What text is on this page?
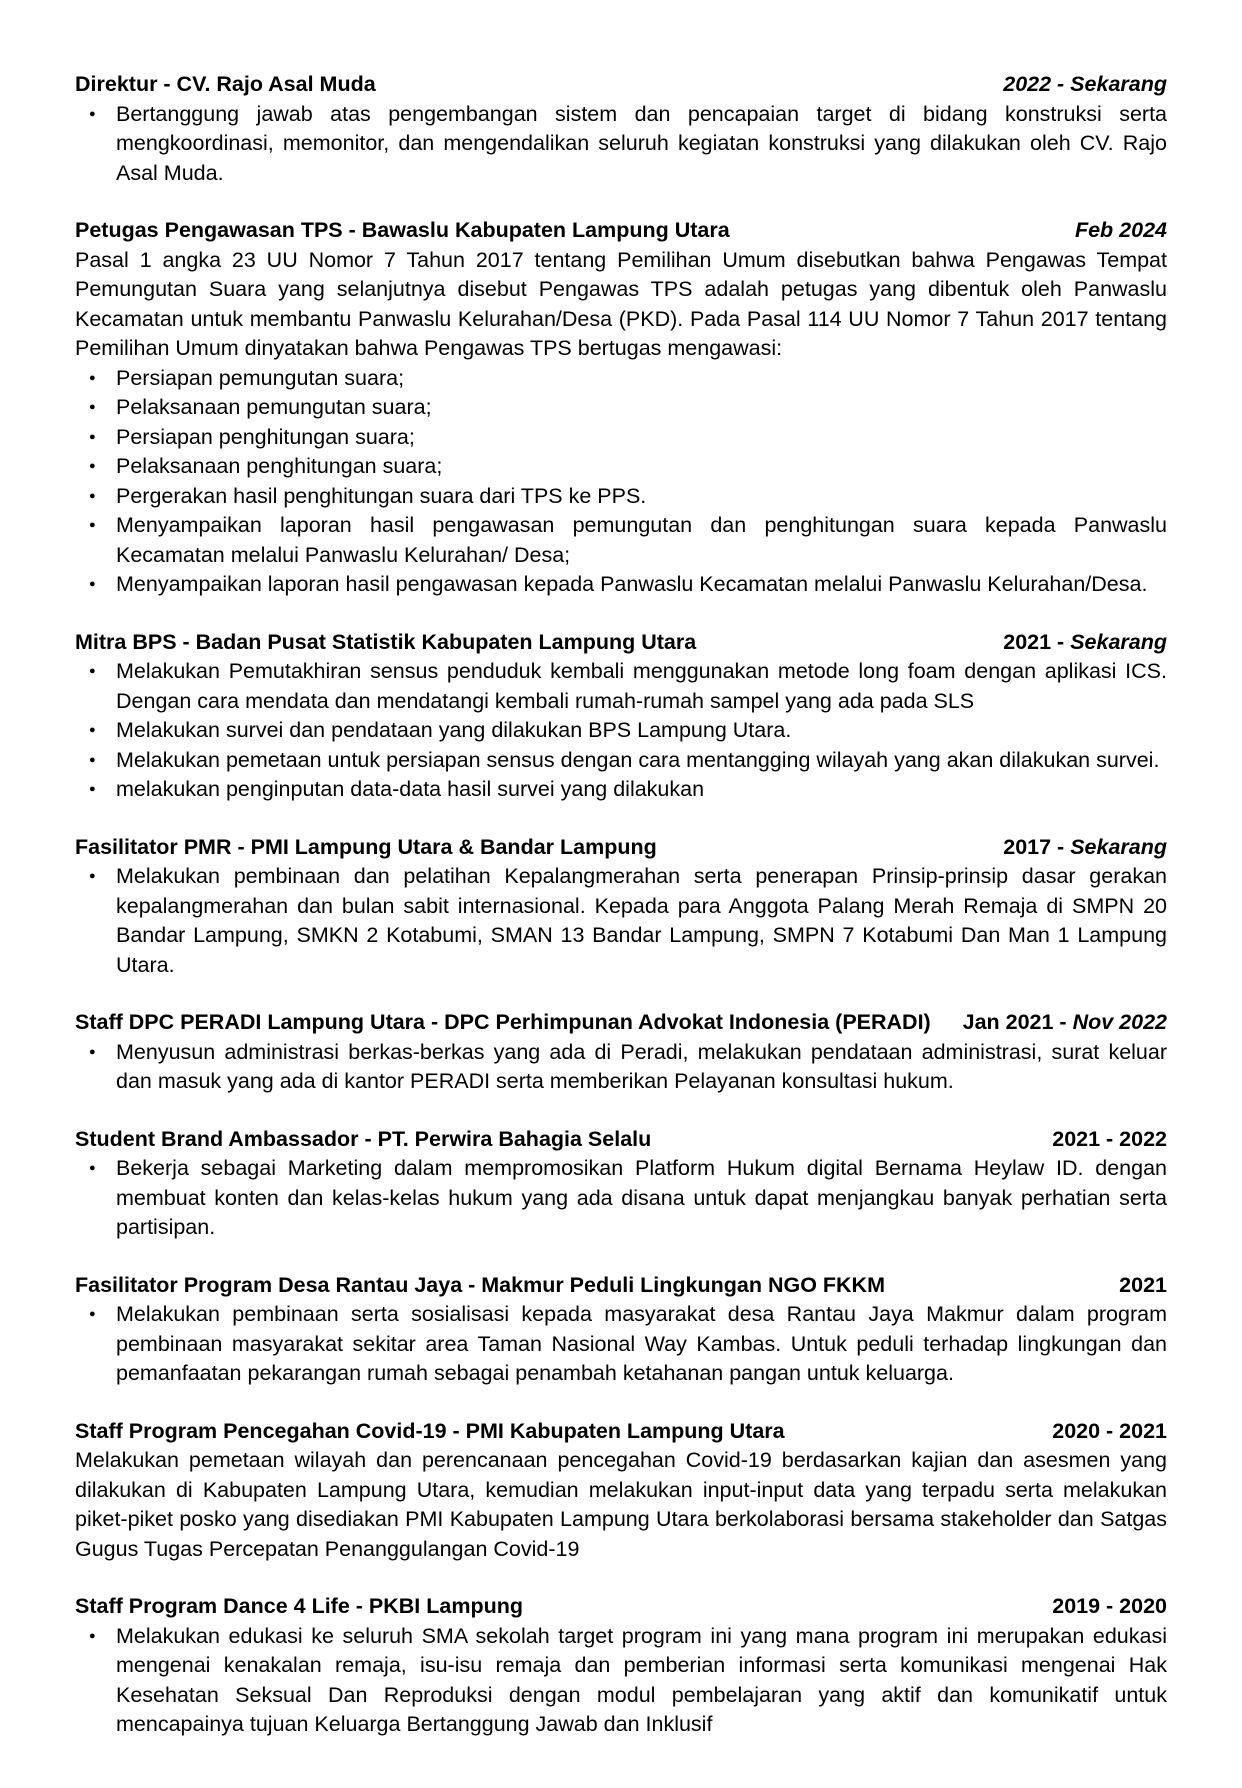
Direktur - CV. Rajo Asal Muda	2022 - Sekarang
● Bertanggung jawab atas pengembangan sistem dan pencapaian target di bidang konstruksi serta mengkoordinasi, memonitor, dan mengendalikan seluruh kegiatan konstruksi yang dilakukan oleh CV. Rajo Asal Muda.
Petugas Pengawasan TPS - Bawaslu Kabupaten Lampung Utara	Feb 2024

Pasal 1 angka 23 UU Nomor 7 Tahun 2017 tentang Pemilihan Umum disebutkan bahwa Pengawas Tempat Pemungutan Suara yang selanjutnya disebut Pengawas TPS adalah petugas yang dibentuk oleh Panwaslu Kecamatan untuk membantu Panwaslu Kelurahan/Desa (PKD). Pada Pasal 114 UU Nomor 7 Tahun 2017 tentang Pemilihan Umum dinyatakan bahwa Pengawas TPS bertugas mengawasi:

● Persiapan pemungutan suara;
● Pelaksanaan pemungutan suara;
● Persiapan penghitungan suara;
● Pelaksanaan penghitungan suara;
● Pergerakan hasil penghitungan suara dari TPS ke PPS.
● Menyampaikan laporan hasil pengawasan pemungutan dan penghitungan suara kepada Panwaslu Kecamatan melalui Panwaslu Kelurahan/ Desa;
● Menyampaikan laporan hasil pengawasan kepada Panwaslu Kecamatan melalui Panwaslu Kelurahan/Desa.
Mitra BPS - Badan Pusat Statistik Kabupaten Lampung Utara	2021 - Sekarang
● Melakukan Pemutakhiran sensus penduduk kembali menggunakan metode long foam dengan aplikasi ICS. Dengan cara mendata dan mendatangi kembali rumah-rumah sampel yang ada pada SLS
● Melakukan survei dan pendataan yang dilakukan BPS Lampung Utara.
● Melakukan pemetaan untuk persiapan sensus dengan cara mentangging wilayah yang akan dilakukan survei.
● melakukan penginputan data-data hasil survei yang dilakukan
Fasilitator PMR - PMI Lampung Utara & Bandar Lampung	2017 - Sekarang
● Melakukan pembinaan dan pelatihan Kepalangmerahan serta penerapan Prinsip-prinsip dasar gerakan kepalangmerahan dan bulan sabit internasional. Kepada para Anggota Palang Merah Remaja di SMPN 20 Bandar Lampung, SMKN 2 Kotabumi, SMAN 13 Bandar Lampung, SMPN 7 Kotabumi Dan Man 1 Lampung Utara.
Staff DPC PERADI Lampung Utara - DPC Perhimpunan Advokat Indonesia (PERADI)	Jan 2021 - Nov 2022
● Menyusun administrasi berkas-berkas yang ada di Peradi, melakukan pendataan administrasi, surat keluar dan masuk yang ada di kantor PERADI serta memberikan Pelayanan konsultasi hukum.
Student Brand Ambassador - PT. Perwira Bahagia Selalu	2021 - 2022
● Bekerja sebagai Marketing dalam mempromosikan Platform Hukum digital Bernama Heylaw ID. dengan membuat konten dan kelas-kelas hukum yang ada disana untuk dapat menjangkau banyak perhatian serta partisipan.
Fasilitator Program Desa Rantau Jaya - Makmur Peduli Lingkungan NGO FKKM	2021
● Melakukan pembinaan serta sosialisasi kepada masyarakat desa Rantau Jaya Makmur dalam program pembinaan masyarakat sekitar area Taman Nasional Way Kambas. Untuk peduli terhadap lingkungan dan pemanfaatan pekarangan rumah sebagai penambah ketahanan pangan untuk keluarga.
Staff Program Pencegahan Covid-19 - PMI Kabupaten Lampung Utara	2020 - 2021

Melakukan pemetaan wilayah dan perencanaan pencegahan Covid-19 berdasarkan kajian dan asesmen yang dilakukan di Kabupaten Lampung Utara, kemudian melakukan input-input data yang terpadu serta melakukan piket-piket posko yang disediakan PMI Kabupaten Lampung Utara berkolaborasi bersama stakeholder dan Satgas Gugus Tugas Percepatan Penanggulangan Covid-19

Staff Program Dance 4 Life - PKBI Lampung	2019 - 2020
● Melakukan edukasi ke seluruh SMA sekolah target program ini yang mana program ini merupakan edukasi mengenai kenakalan remaja, isu-isu remaja dan pemberian informasi serta komunikasi mengenai Hak Kesehatan Seksual Dan Reproduksi dengan modul pembelajaran yang aktif dan komunikatif untuk mencapainya tujuan Keluarga Bertanggung Jawab dan Inklusif
